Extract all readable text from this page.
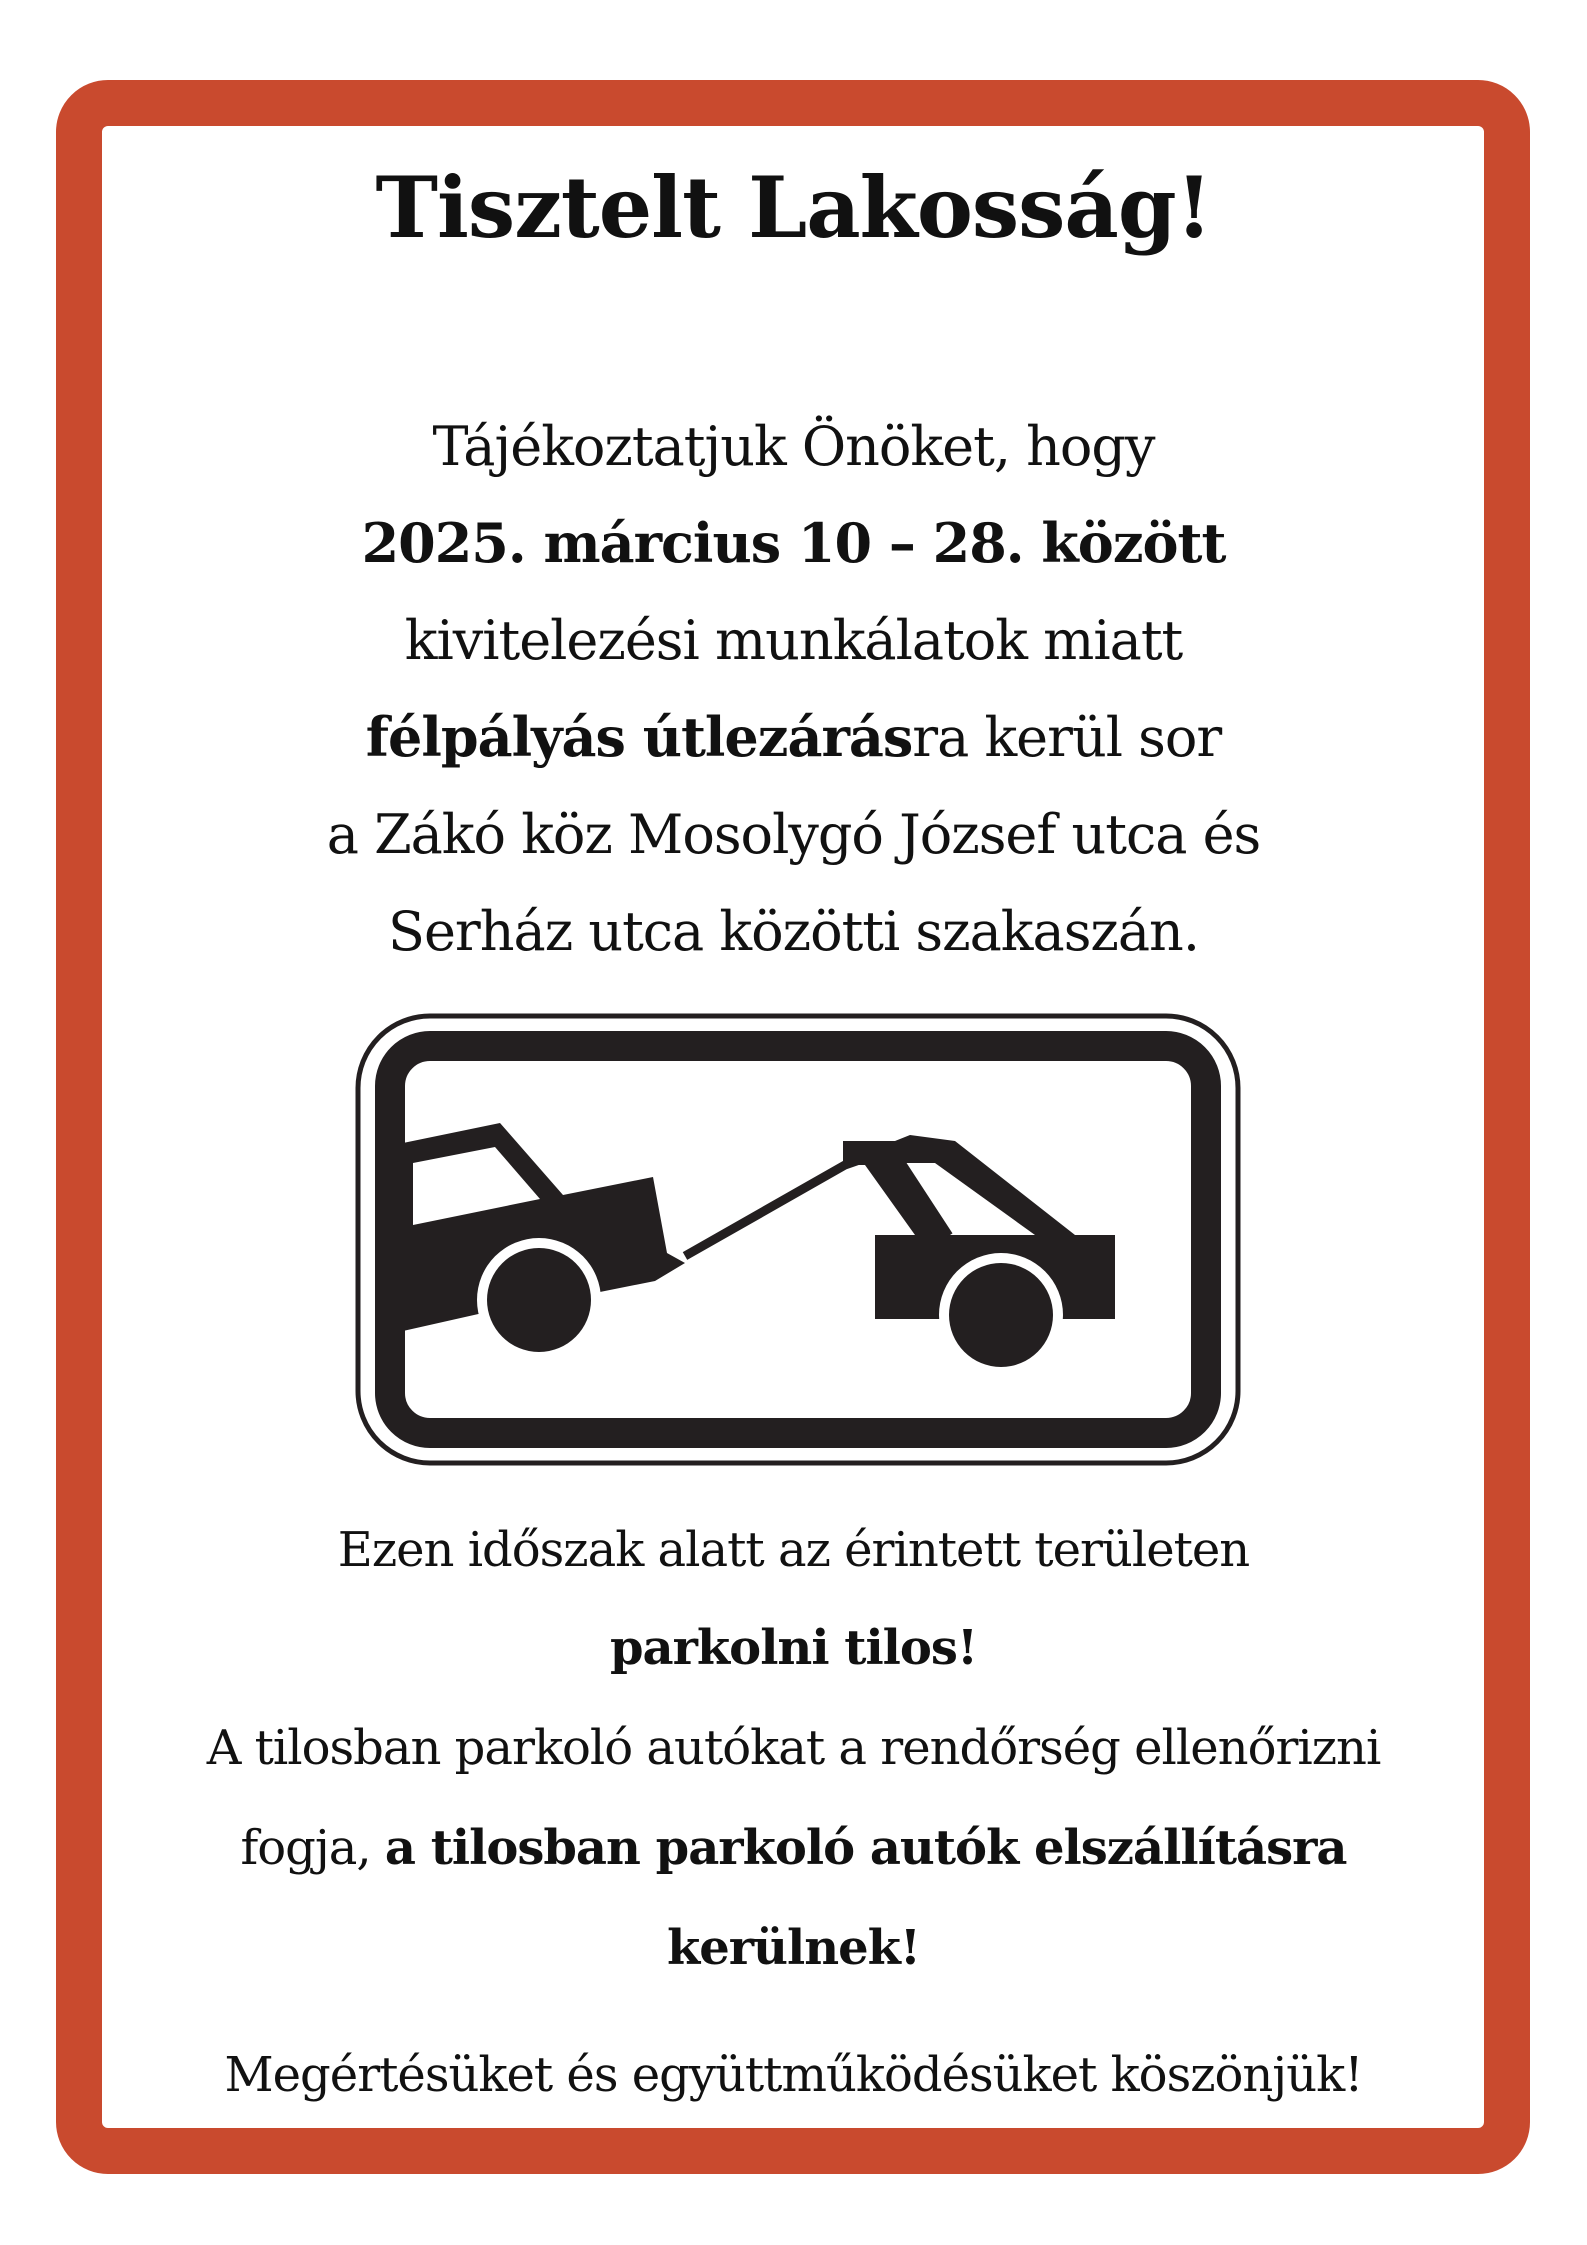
Tisztelt Lakosság!
Tájékoztatjuk Önöket, hogy
2025. március 10 – 28. között
kivitelezési munkálatok miatt
félpályás útlezárásra kerül sor
a Zákó köz Mosolygó József utca és
Serház utca közötti szakaszán.
Ezen időszak alatt az érintett területen
parkolni tilos!
A tilosban parkoló autókat a rendőrség ellenőrizni
fogja, a tilosban parkoló autók elszállításra
kerülnek!
Megértésüket és együttműködésüket köszönjük!
